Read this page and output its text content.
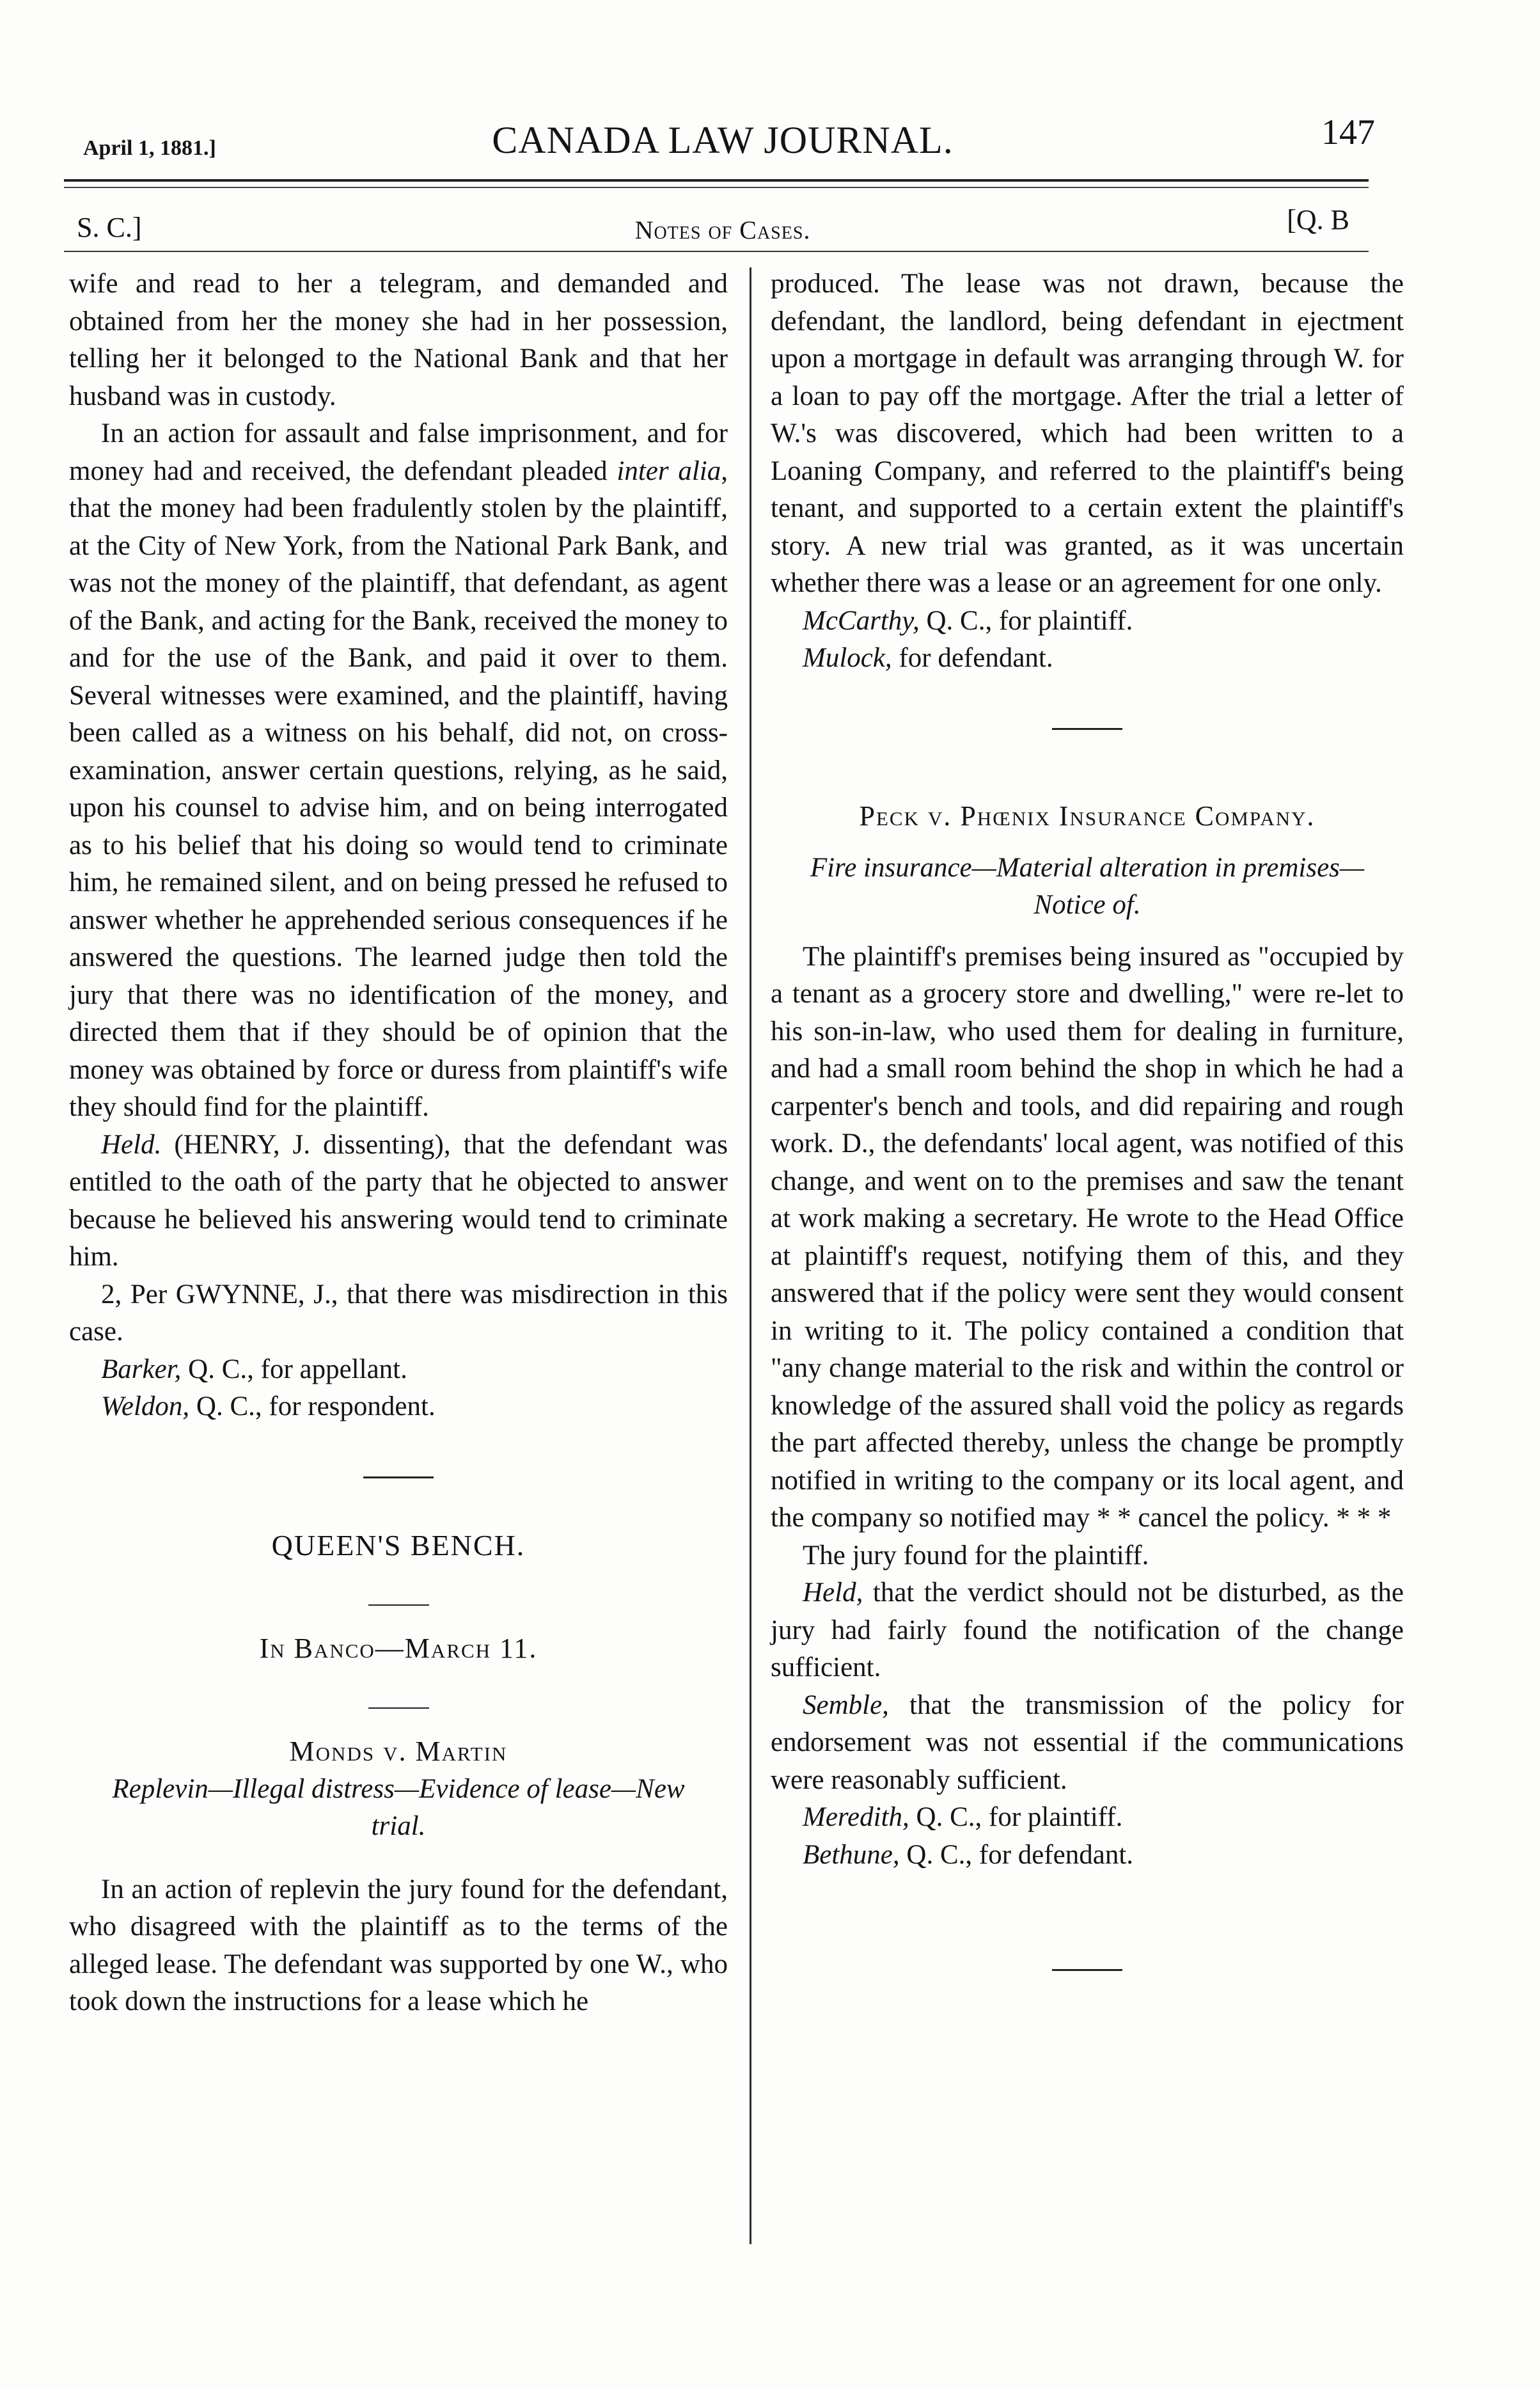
April 1, 1881.]	CANADA LAW JOURNAL.	147
S. C.]	Notes of Cases.	[Q. B

wife and read to her a telegram, and demanded and obtained from her the money she had in her possession, telling her it belonged to the National Bank and that her husband was in custody.

In an action for assault and false imprisonment, and for money had and received, the defendant pleaded inter alia, that the money had been fradulently stolen by the plaintiff, at the City of New York, from the National Park Bank, and was not the money of the plaintiff, that defendant, as agent of the Bank, and acting for the Bank, received the money to and for the use of the Bank, and paid it over to them. Several witnesses were examined, and the plaintiff, having been called as a witness on his behalf, did not, on cross-examination, answer certain questions, relying, as he said, upon his counsel to advise him, and on being interrogated as to his belief that his doing so would tend to criminate him, he remained silent, and on being pressed he refused to answer whether he apprehended serious consequences if he answered the questions. The learned judge then told the jury that there was no identification of the money, and directed them that if they should be of opinion that the money was obtained by force or duress from plaintiff's wife they should find for the plaintiff.

Held. (HENRY, J. dissenting), that the defendant was entitled to the oath of the party that he objected to answer because he believed his answering would tend to criminate him.

2, Per GWYNNE, J., that there was misdirection in this case.

Barker, Q. C., for appellant.

Weldon, Q. C., for respondent.

QUEEN'S BENCH.

In Banco—March 11.

Monds v. Martin

Replevin—Illegal distress—Evidence of lease—New trial.

In an action of replevin the jury found for the defendant, who disagreed with the plaintiff as to the terms of the alleged lease. The defendant was supported by one W., who took down the instructions for a lease which he

produced. The lease was not drawn, because the defendant, the landlord, being defendant in ejectment upon a mortgage in default was arranging through W. for a loan to pay off the mortgage. After the trial a letter of W.'s was discovered, which had been written to a Loaning Company, and referred to the plaintiff's being tenant, and supported to a certain extent the plaintiff's story. A new trial was granted, as it was uncertain whether there was a lease or an agreement for one only.

McCarthy, Q. C., for plaintiff.

Mulock, for defendant.

Peck v. Phœnix Insurance Company.

Fire insurance—Material alteration in premises—Notice of.

The plaintiff's premises being insured as "occupied by a tenant as a grocery store and dwelling," were re-let to his son-in-law, who used them for dealing in furniture, and had a small room behind the shop in which he had a carpenter's bench and tools, and did repairing and rough work. D., the defendants' local agent, was notified of this change, and went on to the premises and saw the tenant at work making a secretary. He wrote to the Head Office at plaintiff's request, notifying them of this, and they answered that if the policy were sent they would consent in writing to it. The policy contained a condition that "any change material to the risk and within the control or knowledge of the assured shall void the policy as regards the part affected thereby, unless the change be promptly notified in writing to the company or its local agent, and the company so notified may * * cancel the policy. * * *

The jury found for the plaintiff.

Held, that the verdict should not be disturbed, as the jury had fairly found the notification of the change sufficient.

Semble, that the transmission of the policy for endorsement was not essential if the communications were reasonably sufficient.

Meredith, Q. C., for plaintiff.

Bethune, Q. C., for defendant.
